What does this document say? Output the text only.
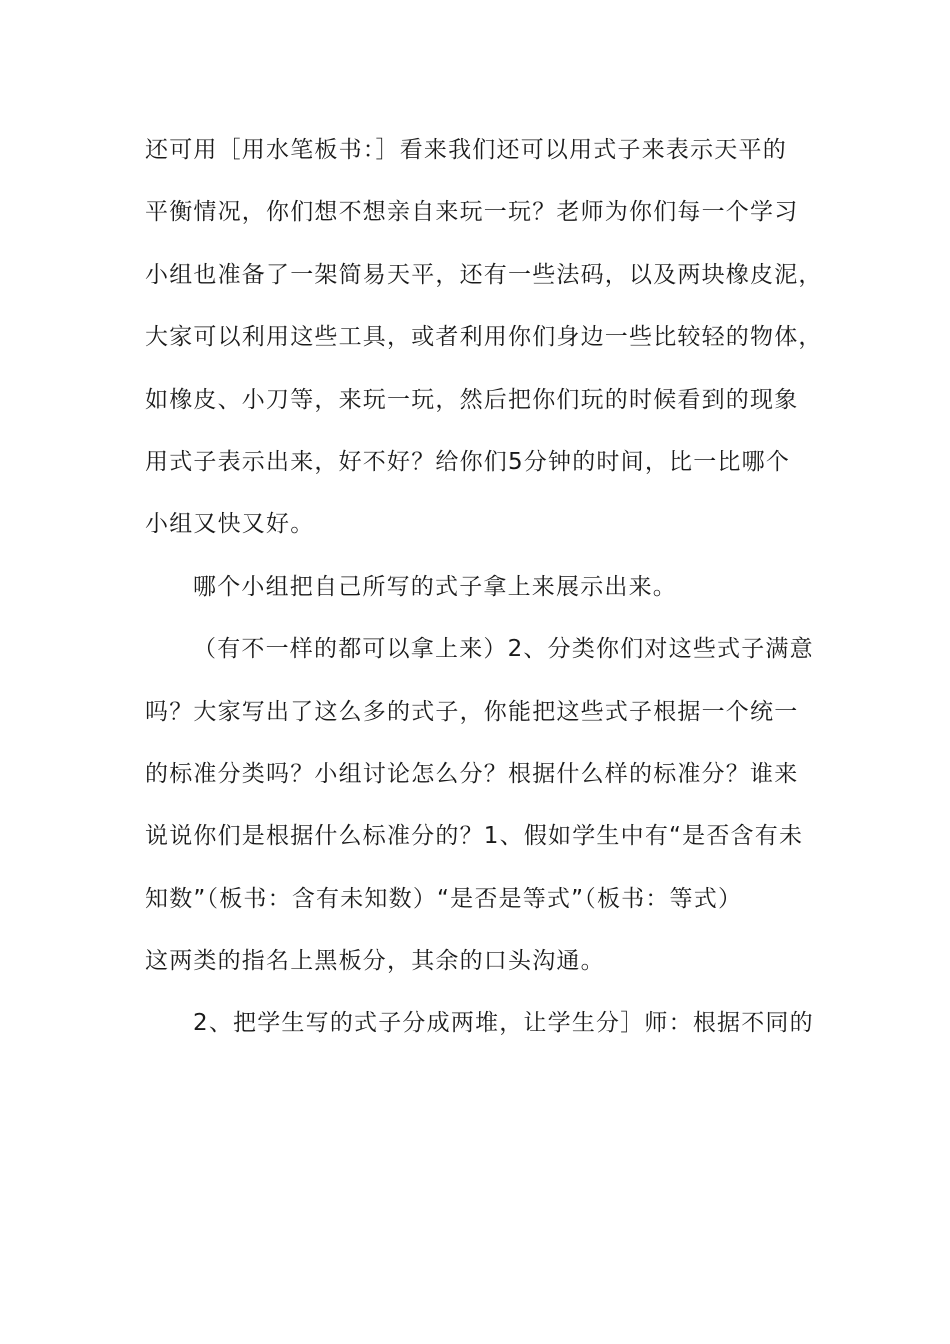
还可用［用水笔板书：］看来我们还可以用式子来表示天平的
平衡情况，你们想不想亲自来玩一玩？老师为你们每一个学习
小组也准备了一架简易天平，还有一些法码，以及两块橡皮泥，
大家可以利用这些工具，或者利用你们身边一些比较轻的物体，
如橡皮、小刀等，来玩一玩，然后把你们玩的时候看到的现象
用式子表示出来，好不好？给你们5分钟的时间，比一比哪个
小组又快又好。
哪个小组把自己所写的式子拿上来展示出来。
（有不一样的都可以拿上来）2、分类你们对这些式子满意
吗？大家写出了这么多的式子，你能把这些式子根据一个统一
的标准分类吗？小组讨论怎么分？根据什么样的标准分？谁来
说说你们是根据什么标准分的？1、假如学生中有“是否含有未
知数”（板书：含有未知数）“是否是等式”（板书：等式）
这两类的指名上黑板分，其余的口头沟通。
2、把学生写的式子分成两堆，让学生分］师：根据不同的
